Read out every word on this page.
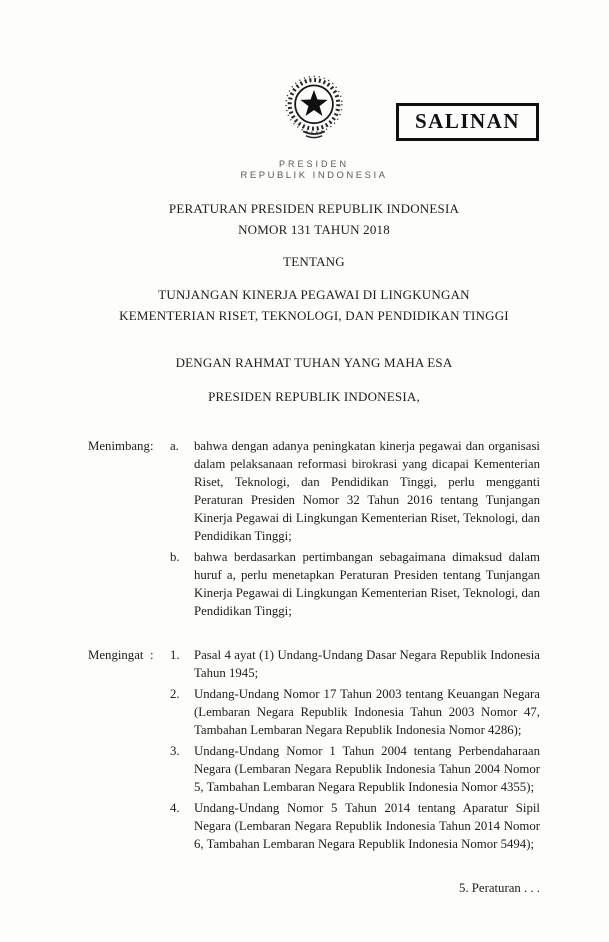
SALINAN
PRESIDEN
REPUBLIK INDONESIA
PERATURAN PRESIDEN REPUBLIK INDONESIA
NOMOR 131 TAHUN 2018
TENTANG
TUNJANGAN KINERJA PEGAWAI DI LINGKUNGAN
KEMENTERIAN RISET, TEKNOLOGI, DAN PENDIDIKAN TINGGI
DENGAN RAHMAT TUHAN YANG MAHA ESA
PRESIDEN REPUBLIK INDONESIA,
Menimbang :	a.	bahwa dengan adanya peningkatan kinerja pegawai dan organisasi dalam pelaksanaan reformasi birokrasi yang dicapai Kementerian Riset, Teknologi, dan Pendidikan Tinggi, perlu mengganti Peraturan Presiden Nomor 32 Tahun 2016 tentang Tunjangan Kinerja Pegawai di Lingkungan Kementerian Riset, Teknologi, dan Pendidikan Tinggi;
b.	bahwa berdasarkan pertimbangan sebagaimana dimaksud dalam huruf a, perlu menetapkan Peraturan Presiden tentang Tunjangan Kinerja Pegawai di Lingkungan Kementerian Riset, Teknologi, dan Pendidikan Tinggi;
Mengingat :	1.	Pasal 4 ayat (1) Undang-Undang Dasar Negara Republik Indonesia Tahun 1945;
2.	Undang-Undang Nomor 17 Tahun 2003 tentang Keuangan Negara (Lembaran Negara Republik Indonesia Tahun 2003 Nomor 47, Tambahan Lembaran Negara Republik Indonesia Nomor 4286);
3.	Undang-Undang Nomor 1 Tahun 2004 tentang Perbendaharaan Negara (Lembaran Negara Republik Indonesia Tahun 2004 Nomor 5, Tambahan Lembaran Negara Republik Indonesia Nomor 4355);
4.	Undang-Undang Nomor 5 Tahun 2014 tentang Aparatur Sipil Negara (Lembaran Negara Republik Indonesia Tahun 2014 Nomor 6, Tambahan Lembaran Negara Republik Indonesia Nomor 5494);
5. Peraturan . . .
